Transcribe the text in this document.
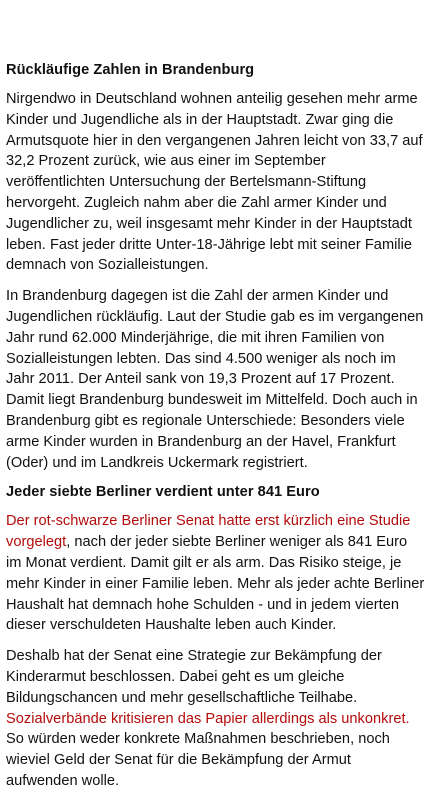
Rückläufige Zahlen in Brandenburg

Nirgendwo in Deutschland wohnen anteilig gesehen mehr arme Kinder und Jugendliche als in der Hauptstadt. Zwar ging die Armutsquote hier in den vergangenen Jahren leicht von 33,7 auf 32,2 Prozent zurück, wie aus einer im September veröffentlichten Untersuchung der Bertelsmann-Stiftung hervorgeht. Zugleich nahm aber die Zahl armer Kinder und Jugendlicher zu, weil insgesamt mehr Kinder in der Hauptstadt leben. Fast jeder dritte Unter-18-Jährige lebt mit seiner Familie demnach von Sozialleistungen.

In Brandenburg dagegen ist die Zahl der armen Kinder und Jugendlichen rückläufig. Laut der Studie gab es im vergangenen Jahr rund 62.000 Minderjährige, die mit ihren Familien von Sozialleistungen lebten. Das sind 4.500 weniger als noch im Jahr 2011. Der Anteil sank von 19,3 Prozent auf 17 Prozent. Damit liegt Brandenburg bundesweit im Mittelfeld. Doch auch in Brandenburg gibt es regionale Unterschiede: Besonders viele arme Kinder wurden in Brandenburg an der Havel, Frankfurt (Oder) und im Landkreis Uckermark registriert.

Jeder siebte Berliner verdient unter 841 Euro

Der rot-schwarze Berliner Senat hatte erst kürzlich eine Studie vorgelegt, nach der jeder siebte Berliner weniger als 841 Euro im Monat verdient. Damit gilt er als arm. Das Risiko steige, je mehr Kinder in einer Familie leben. Mehr als jeder achte Berliner Haushalt hat demnach hohe Schulden - und in jedem vierten dieser verschuldeten Haushalte leben auch Kinder.

Deshalb hat der Senat eine Strategie zur Bekämpfung der Kinderarmut beschlossen. Dabei geht es um gleiche Bildungschancen und mehr gesellschaftliche Teilhabe. Sozialverbände kritisieren das Papier allerdings als unkonkret. So würden weder konkrete Maßnahmen beschrieben, noch wieviel Geld der Senat für die Bekämpfung der Armut aufwenden wolle.
